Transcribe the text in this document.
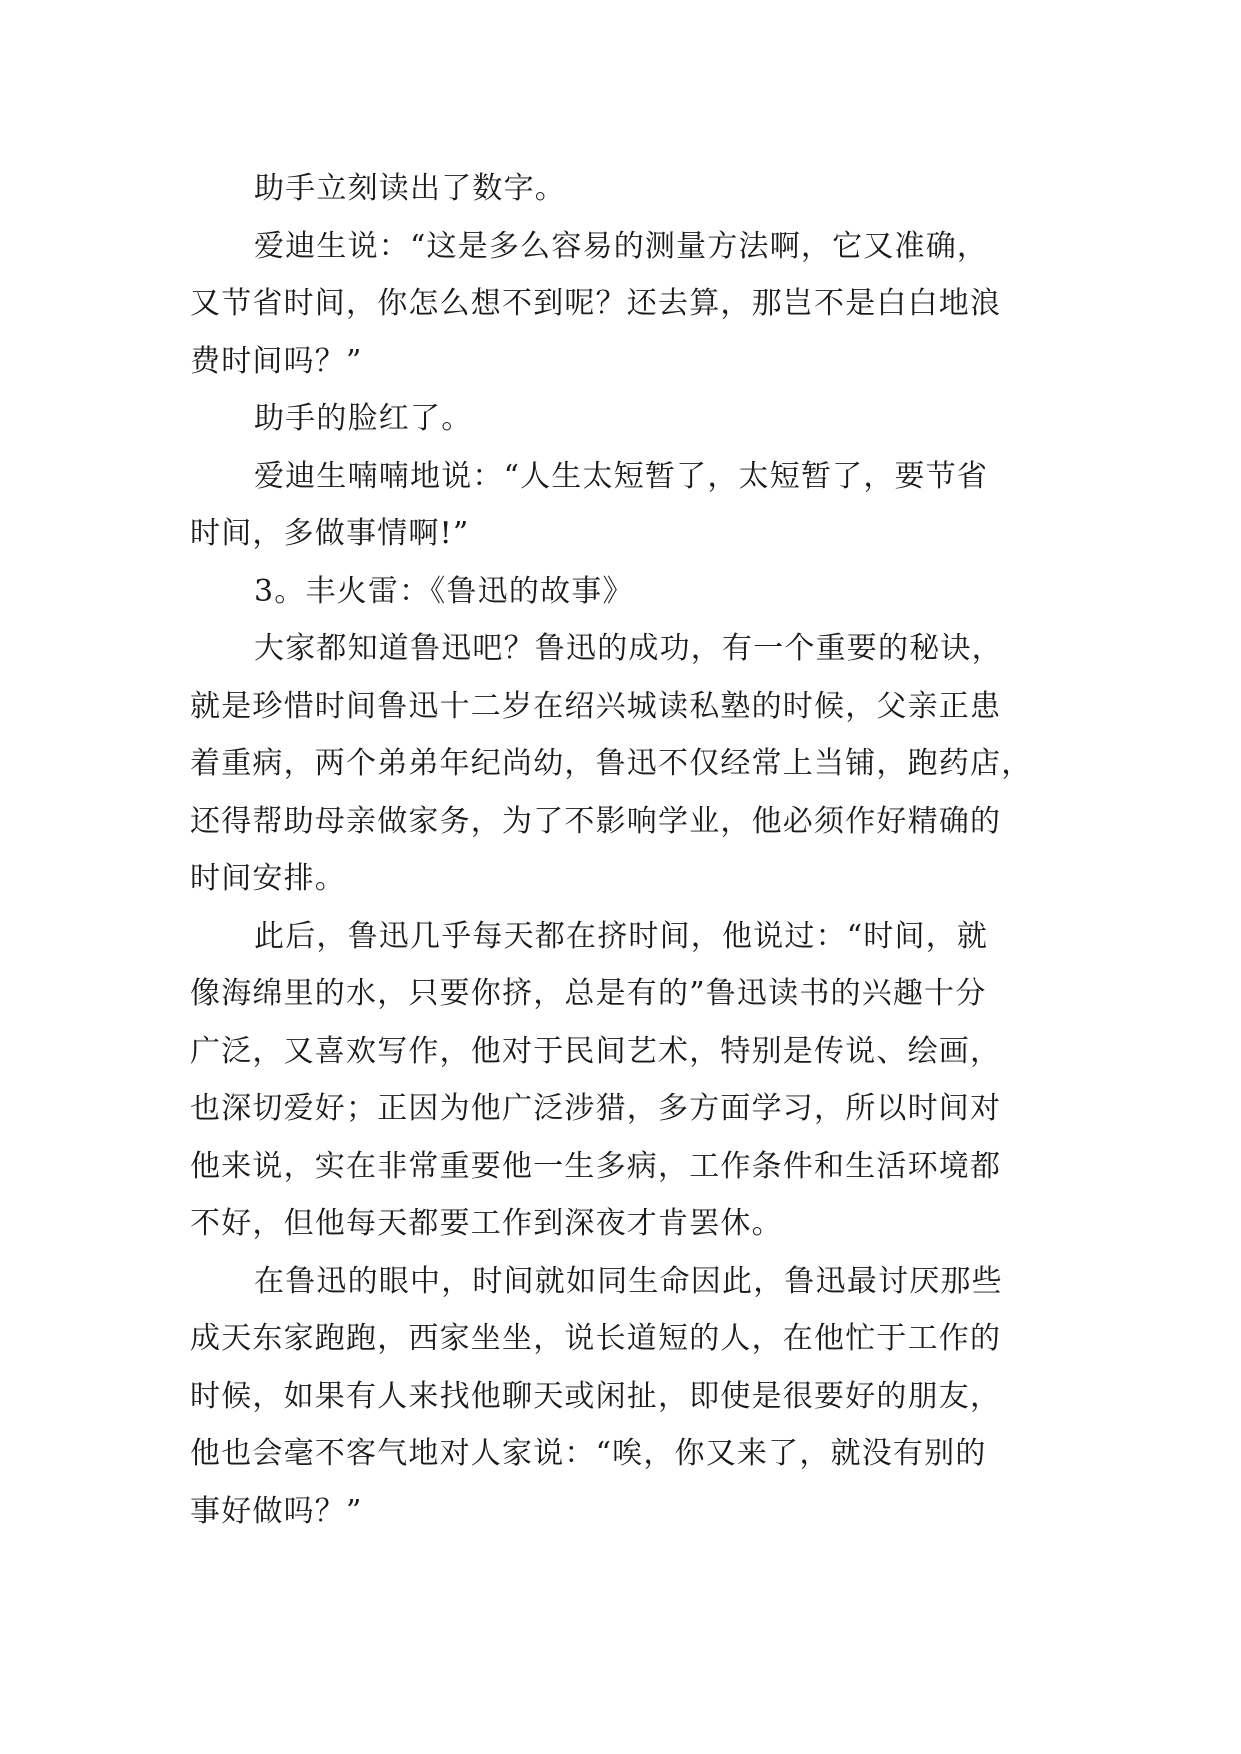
助手立刻读出了数字。
爱迪生说：“这是多么容易的测量方法啊，它又准确，
又节省时间，你怎么想不到呢？还去算，那岂不是白白地浪
费时间吗？”
助手的脸红了。
爱迪生喃喃地说：“人生太短暂了，太短暂了，要节省
时间，多做事情啊!”
3。丰火雷：《鲁迅的故事》
大家都知道鲁迅吧？鲁迅的成功，有一个重要的秘诀，
就是珍惜时间鲁迅十二岁在绍兴城读私塾的时候，父亲正患
着重病，两个弟弟年纪尚幼，鲁迅不仅经常上当铺，跑药店，
还得帮助母亲做家务，为了不影响学业，他必须作好精确的
时间安排。
此后，鲁迅几乎每天都在挤时间，他说过：“时间，就
像海绵里的水，只要你挤，总是有的”鲁迅读书的兴趣十分
广泛，又喜欢写作，他对于民间艺术，特别是传说、绘画，
也深切爱好；正因为他广泛涉猎，多方面学习，所以时间对
他来说，实在非常重要他一生多病，工作条件和生活环境都
不好，但他每天都要工作到深夜才肯罢休。
在鲁迅的眼中，时间就如同生命因此，鲁迅最讨厌那些
成天东家跑跑，西家坐坐，说长道短的人，在他忙于工作的
时候，如果有人来找他聊天或闲扯，即使是很要好的朋友，
他也会毫不客气地对人家说：“唉，你又来了，就没有别的
事好做吗？”
